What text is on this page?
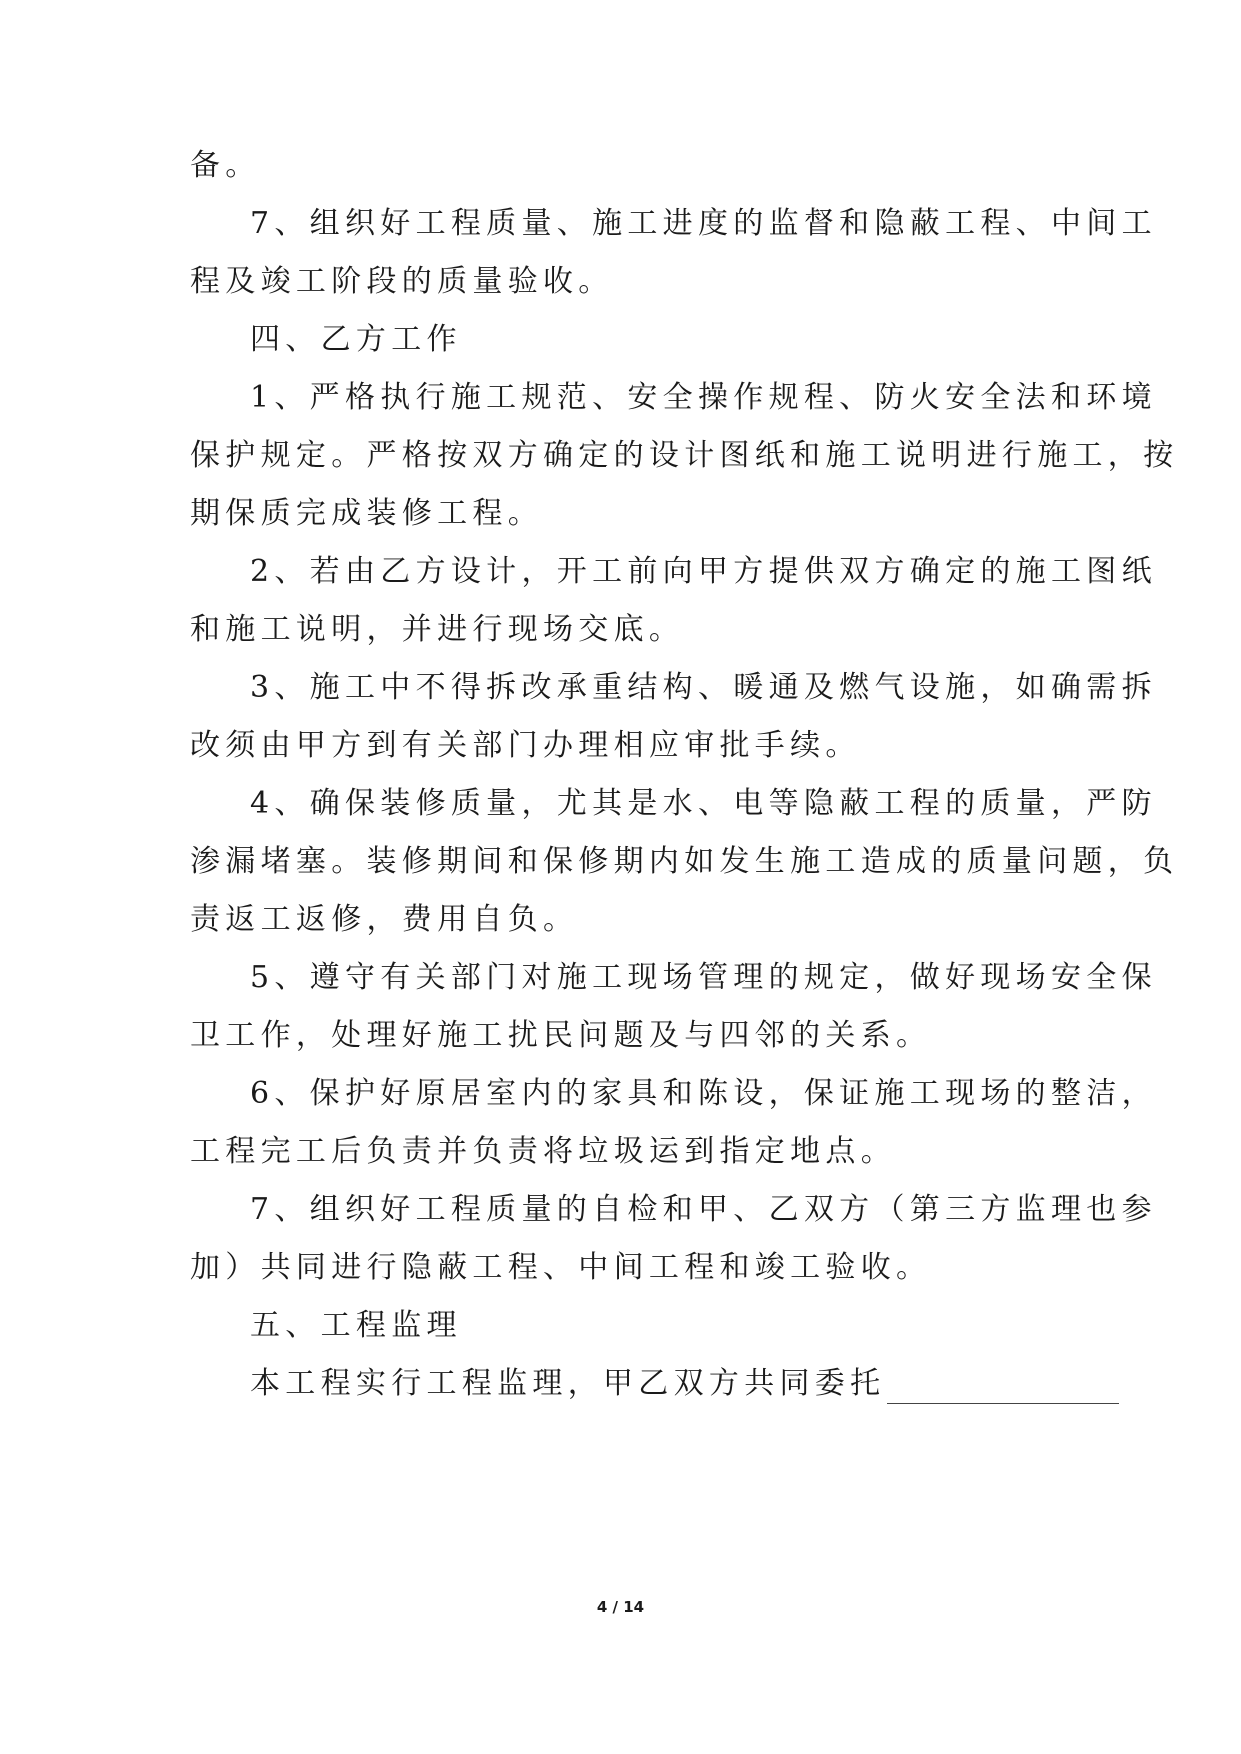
备。
7、组织好工程质量、施工进度的监督和隐蔽工程、中间工
程及竣工阶段的质量验收。
四、乙方工作
1、严格执行施工规范、安全操作规程、防火安全法和环境
保护规定。严格按双方确定的设计图纸和施工说明进行施工，按
期保质完成装修工程。
2、若由乙方设计，开工前向甲方提供双方确定的施工图纸
和施工说明，并进行现场交底。
3、施工中不得拆改承重结构、暖通及燃气设施，如确需拆
改须由甲方到有关部门办理相应审批手续。
4、确保装修质量，尤其是水、电等隐蔽工程的质量，严防
渗漏堵塞。装修期间和保修期内如发生施工造成的质量问题，负
责返工返修，费用自负。
5、遵守有关部门对施工现场管理的规定，做好现场安全保
卫工作，处理好施工扰民问题及与四邻的关系。
6、保护好原居室内的家具和陈设，保证施工现场的整洁，
工程完工后负责并负责将垃圾运到指定地点。
7、组织好工程质量的自检和甲、乙双方（第三方监理也参
加）共同进行隐蔽工程、中间工程和竣工验收。
五、工程监理
本工程实行工程监理，甲乙双方共同委托
4 / 14
